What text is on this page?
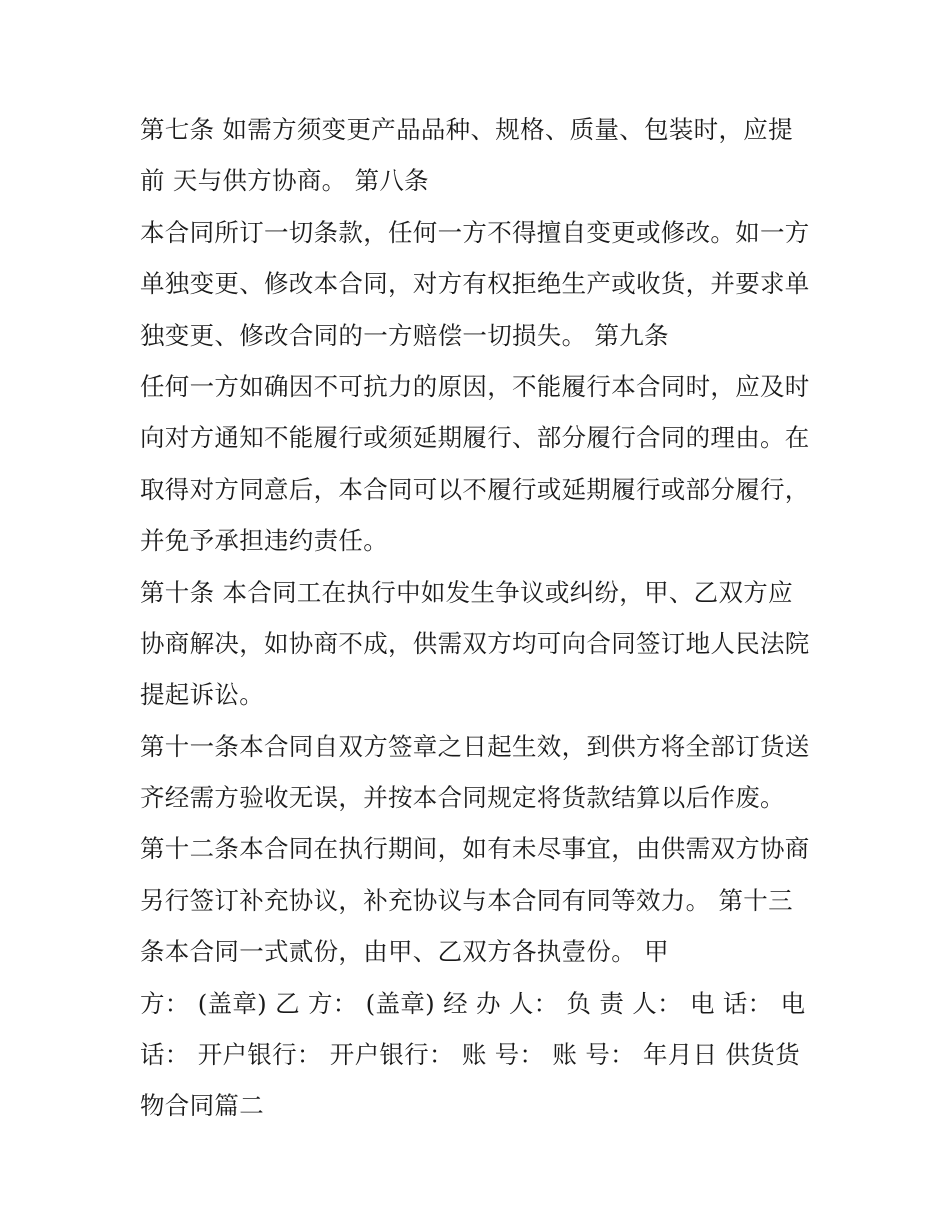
第七条 如需方须变更产品品种、规格、质量、包装时，应提
前 天与供方协商。 第八条
本合同所订一切条款，任何一方不得擅自变更或修改。如一方
单独变更、修改本合同，对方有权拒绝生产或收货，并要求单
独变更、修改合同的一方赔偿一切损失。 第九条
任何一方如确因不可抗力的原因，不能履行本合同时，应及时
向对方通知不能履行或须延期履行、部分履行合同的理由。在
取得对方同意后，本合同可以不履行或延期履行或部分履行，
并免予承担违约责任。
第十条 本合同工在执行中如发生争议或纠纷，甲、乙双方应
协商解决，如协商不成，供需双方均可向合同签订地人民法院
提起诉讼。
第十一条本合同自双方签章之日起生效，到供方将全部订货送
齐经需方验收无误，并按本合同规定将货款结算以后作废。
第十二条本合同在执行期间，如有未尽事宜，由供需双方协商
另行签订补充协议，补充协议与本合同有同等效力。 第十三
条本合同一式贰份，由甲、乙双方各执壹份。 甲
方： (盖章) 乙 方： (盖章) 经 办 人： 负 责 人： 电 话： 电
话： 开户银行： 开户银行： 账 号： 账 号： 年月日 供货货
物合同篇二
